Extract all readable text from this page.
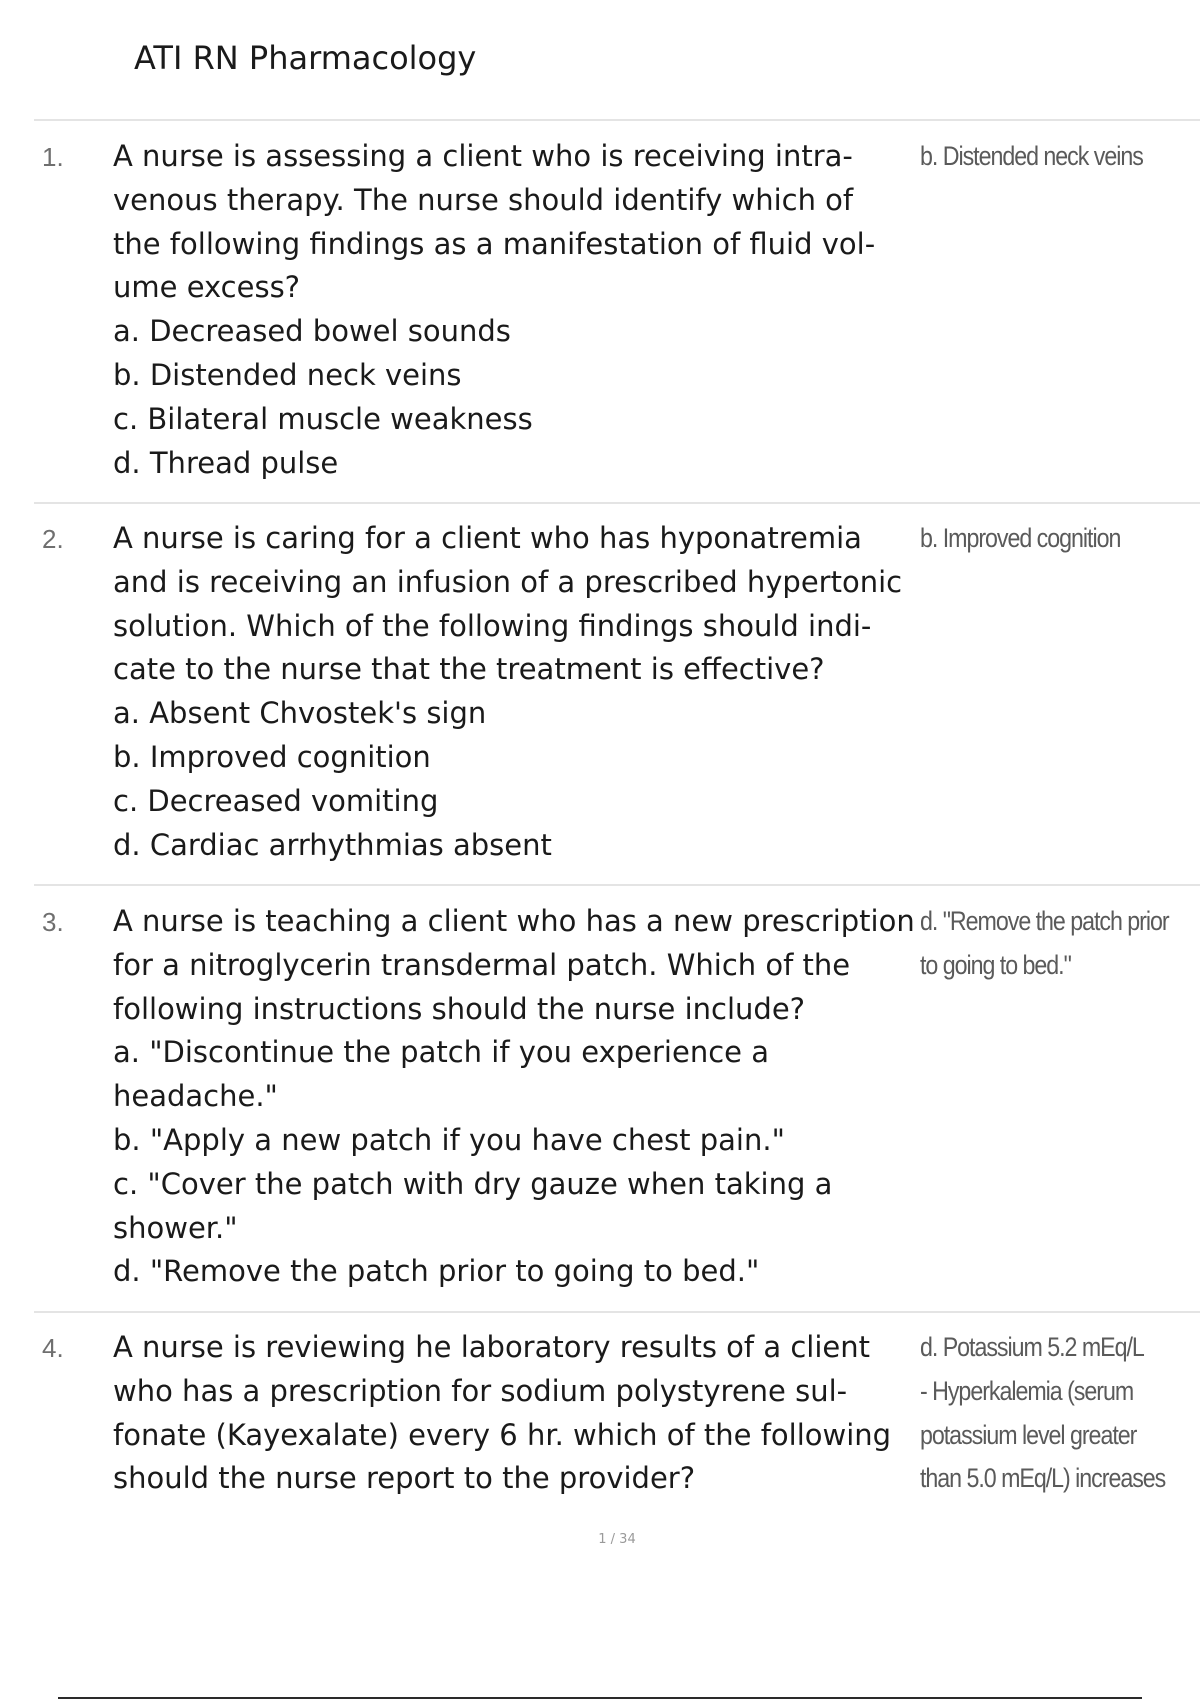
ATI RN Pharmacology
1. A nurse is assessing a client who is receiving intra-
venous therapy. The nurse should identify which of
the following findings as a manifestation of fluid vol-
ume excess?
a. Decreased bowel sounds
b. Distended neck veins
c. Bilateral muscle weakness
d. Thread pulse
b. Distended neck veins
2. A nurse is caring for a client who has hyponatremia
and is receiving an infusion of a prescribed hypertonic
solution. Which of the following findings should indi-
cate to the nurse that the treatment is effective?
a. Absent Chvostek's sign
b. Improved cognition
c. Decreased vomiting
d. Cardiac arrhythmias absent
b. Improved cognition
3. A nurse is teaching a client who has a new prescription
for a nitroglycerin transdermal patch. Which of the
following instructions should the nurse include?
a. "Discontinue the patch if you experience a
headache."
b. "Apply a new patch if you have chest pain."
c. "Cover the patch with dry gauze when taking a
shower."
d. "Remove the patch prior to going to bed."
d. "Remove the patch prior
to going to bed."
4. A nurse is reviewing he laboratory results of a client
who has a prescription for sodium polystyrene sul-
fonate (Kayexalate) every 6 hr. which of the following
should the nurse report to the provider?
d. Potassium 5.2 mEq/L
- Hyperkalemia (serum
potassium level greater
than 5.0 mEq/L) increases
1 / 34
